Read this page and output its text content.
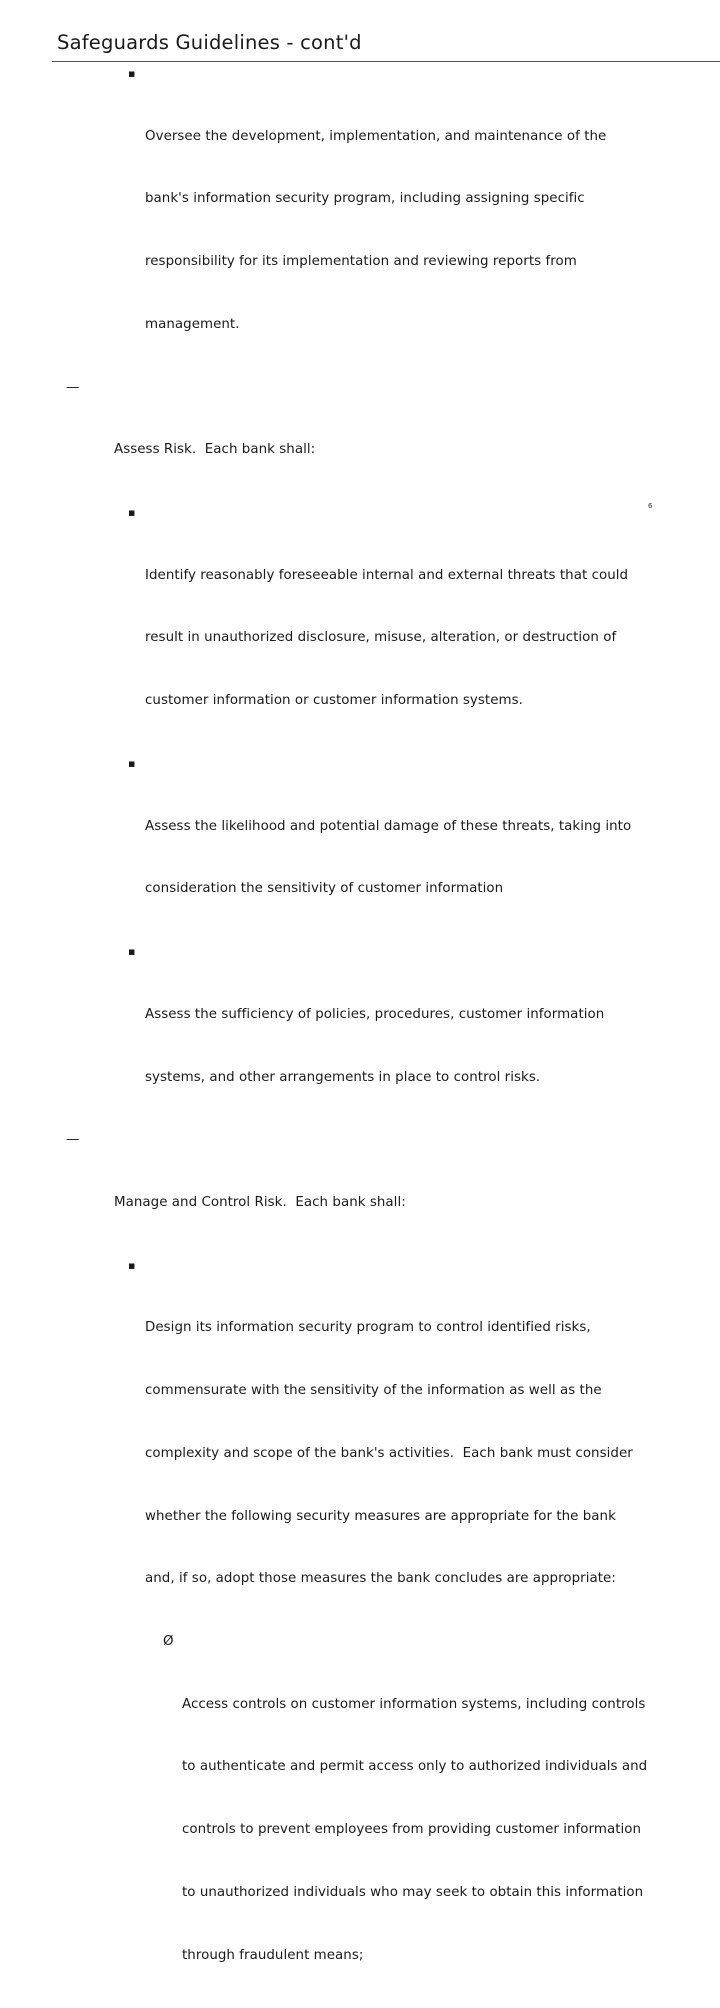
Safeguards Guidelines - cont'd

▪

Oversee the development, implementation, and maintenance of the

bank's information security program, including assigning specific

responsibility for its implementation and reviewing reports from

management.

—

Assess Risk.  Each bank shall:

▪

Identify reasonably foreseeable internal and external threats that could

result in unauthorized disclosure, misuse, alteration, or destruction of

customer information or customer information systems.

▪

Assess the likelihood and potential damage of these threats, taking into

consideration the sensitivity of customer information

▪

Assess the sufficiency of policies, procedures, customer information

systems, and other arrangements in place to control risks.

—

Manage and Control Risk.  Each bank shall:

▪

Design its information security program to control identified risks,

commensurate with the sensitivity of the information as well as the

complexity and scope of the bank's activities.  Each bank must consider

whether the following security measures are appropriate for the bank

and, if so, adopt those measures the bank concludes are appropriate:

Ø

Access controls on customer information systems, including controls

to authenticate and permit access only to authorized individuals and

controls to prevent employees from providing customer information

to unauthorized individuals who may seek to obtain this information

through fraudulent means;

6
